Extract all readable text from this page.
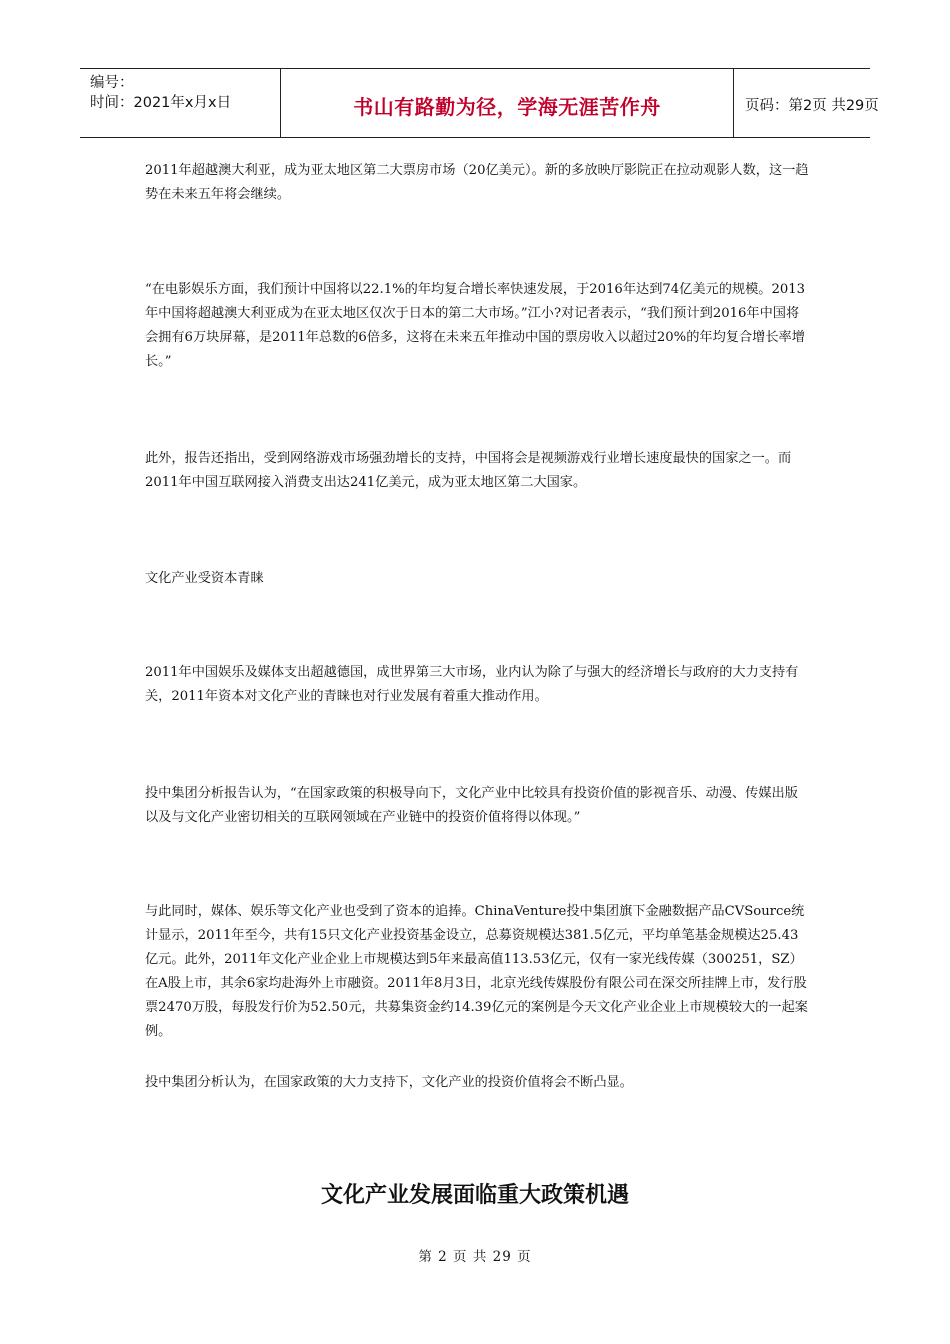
编号：
时间：2021年x月x日	书山有路勤为径，学海无涯苦作舟	页码：第2页 共29页
2011年超越澳大利亚，成为亚太地区第二大票房市场（20亿美元）。新的多放映厅影院正在拉动观影人数，这一趋势在未来五年将会继续。
“在电影娱乐方面，我们预计中国将以22.1%的年均复合增长率快速发展，于2016年达到74亿美元的规模。2013年中国将超越澳大利亚成为在亚太地区仅次于日本的第二大市场。”江小?对记者表示，“我们预计到2016年中国将会拥有6万块屏幕，是2011年总数的6倍多，这将在未来五年推动中国的票房收入以超过20%的年均复合增长率增长。”
此外，报告还指出，受到网络游戏市场强劲增长的支持，中国将会是视频游戏行业增长速度最快的国家之一。而2011年中国互联网接入消费支出达241亿美元，成为亚太地区第二大国家。
文化产业受资本青睐
2011年中国娱乐及媒体支出超越德国，成世界第三大市场，业内认为除了与强大的经济增长与政府的大力支持有关，2011年资本对文化产业的青睐也对行业发展有着重大推动作用。
投中集团分析报告认为，“在国家政策的积极导向下，文化产业中比较具有投资价值的影视音乐、动漫、传媒出版以及与文化产业密切相关的互联网领域在产业链中的投资价值将得以体现。”
与此同时，媒体、娱乐等文化产业也受到了资本的追捧。ChinaVenture投中集团旗下金融数据产品CVSource统计显示，2011年至今，共有15只文化产业投资基金设立，总募资规模达381.5亿元，平均单笔基金规模达25.43亿元。此外，2011年文化产业企业上市规模达到5年来最高值113.53亿元，仅有一家光线传媒（300251，SZ）在A股上市，其余6家均赴海外上市融资。2011年8月3日，北京光线传媒股份有限公司在深交所挂牌上市，发行股票2470万股，每股发行价为52.50元，共募集资金约14.39亿元的案例是今天文化产业企业上市规模较大的一起案例。
投中集团分析认为，在国家政策的大力支持下，文化产业的投资价值将会不断凸显。
文化产业发展面临重大政策机遇
第 2 页 共 29 页
